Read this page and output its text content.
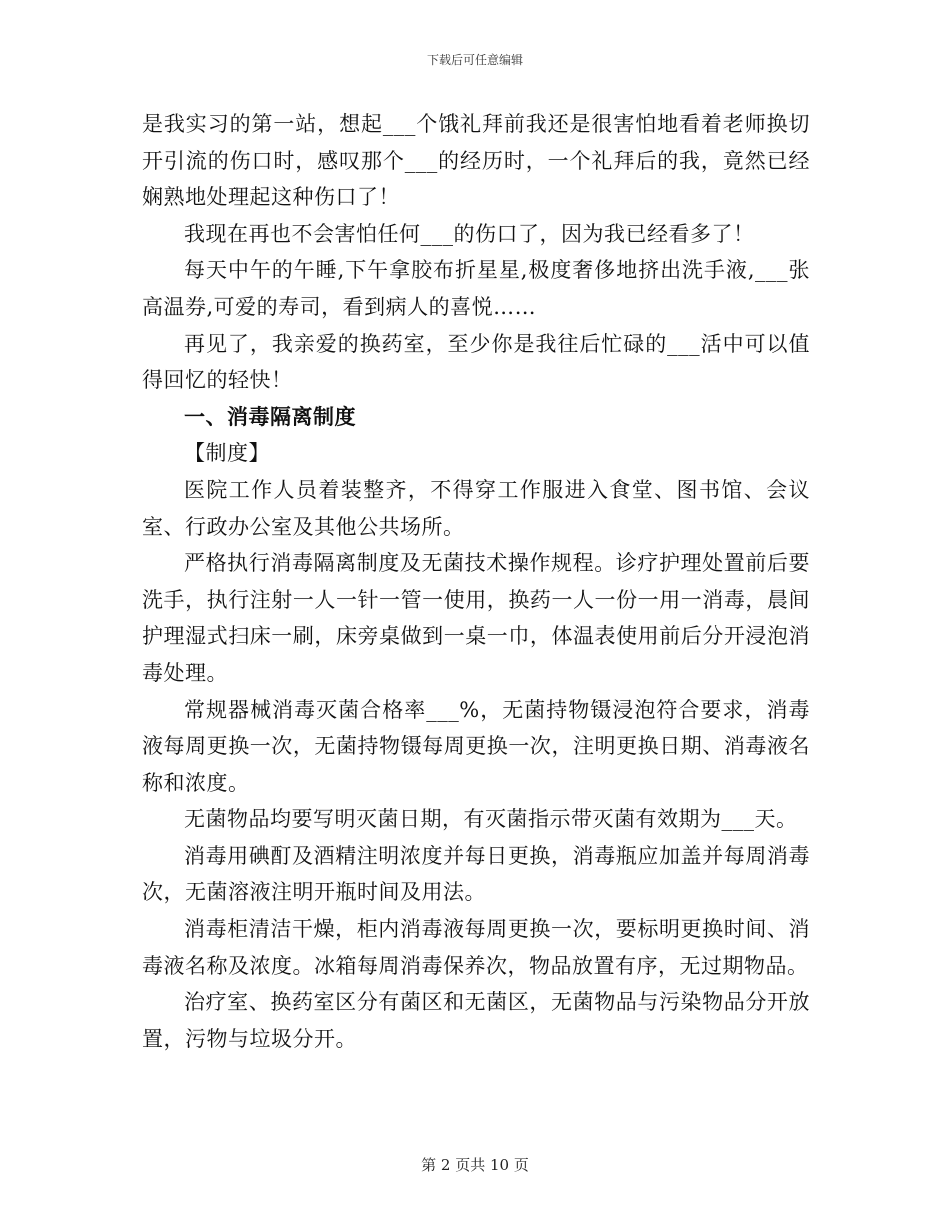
下载后可任意编辑

是我实习的第一站，想起___个饿礼拜前我还是很害怕地看着老师换切开引流的伤口时，感叹那个___的经历时，一个礼拜后的我，竟然已经娴熟地处理起这种伤口了！

我现在再也不会害怕任何___的伤口了，因为我已经看多了！

每天中午的午睡,下午拿胶布折星星,极度奢侈地挤出洗手液,___张高温券,可爱的寿司，看到病人的喜悦……

再见了，我亲爱的换药室，至少你是我往后忙碌的___活中可以值得回忆的轻快！

一、消毒隔离制度

【制度】

医院工作人员着装整齐，不得穿工作服进入食堂、图书馆、会议室、行政办公室及其他公共场所。

严格执行消毒隔离制度及无菌技术操作规程。诊疗护理处置前后要洗手，执行注射一人一针一管一使用，换药一人一份一用一消毒，晨间护理湿式扫床一刷，床旁桌做到一桌一巾，体温表使用前后分开浸泡消毒处理。

常规器械消毒灭菌合格率___%，无菌持物镊浸泡符合要求，消毒液每周更换一次，无菌持物镊每周更换一次，注明更换日期、消毒液名称和浓度。

无菌物品均要写明灭菌日期，有灭菌指示带灭菌有效期为___天。

消毒用碘酊及酒精注明浓度并每日更换，消毒瓶应加盖并每周消毒次，无菌溶液注明开瓶时间及用法。

消毒柜清洁干燥，柜内消毒液每周更换一次，要标明更换时间、消毒液名称及浓度。冰箱每周消毒保养次，物品放置有序，无过期物品。

治疗室、换药室区分有菌区和无菌区，无菌物品与污染物品分开放置，污物与垃圾分开。

第 2 页共 10 页
